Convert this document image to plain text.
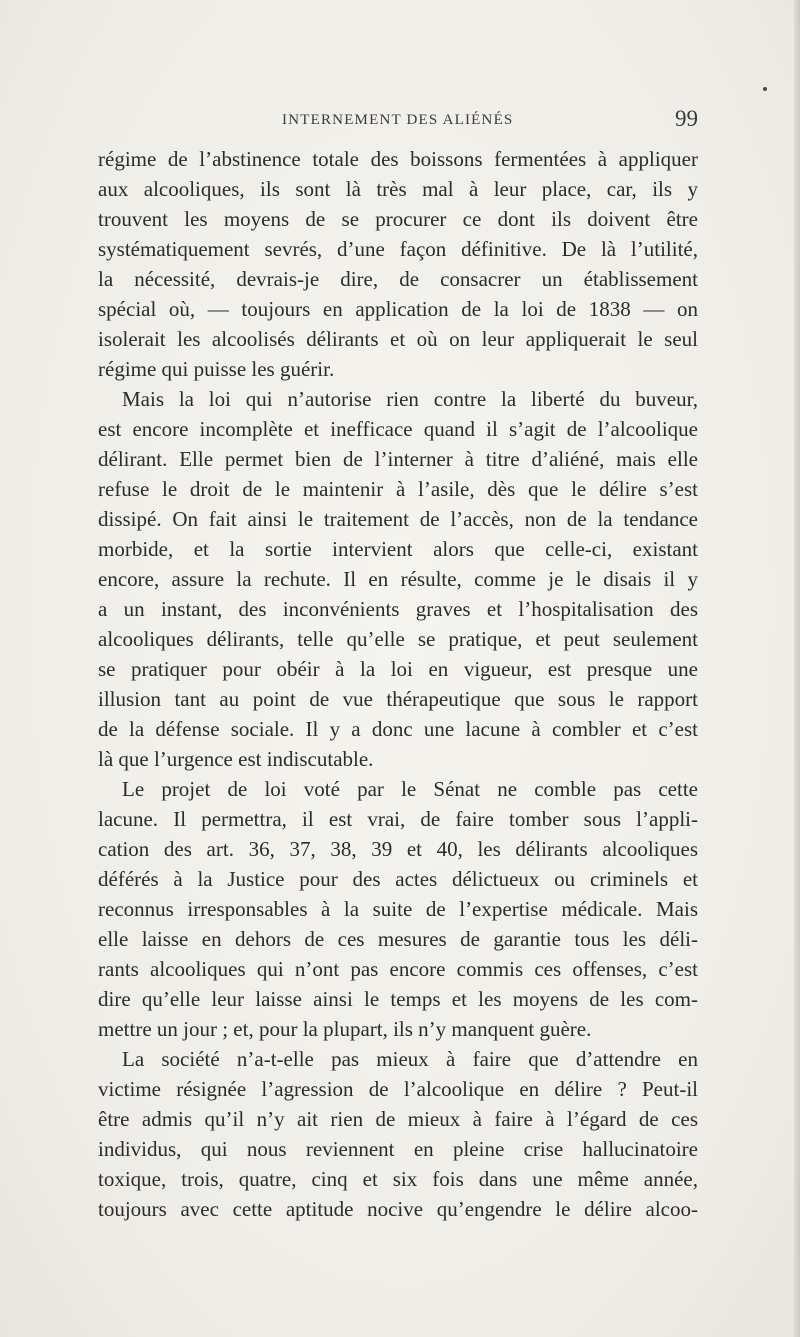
INTERNEMENT DES ALIÉNÉS	99
régime de l’abstinence totale des boissons fermentées à appliquer
aux alcooliques, ils sont là très mal à leur place, car, ils y
trouvent les moyens de se procurer ce dont ils doivent être
systématiquement sevrés, d’une façon définitive. De là l’utilité,
la nécessité, devrais-je dire, de consacrer un établissement
spécial où, — toujours en application de la loi de 1838 — on
isolerait les alcoolisés délirants et où on leur appliquerait le seul
régime qui puisse les guérir.
Mais la loi qui n’autorise rien contre la liberté du buveur,
est encore incomplète et inefficace quand il s’agit de l’alcoolique
délirant. Elle permet bien de l’interner à titre d’aliéné, mais elle
refuse le droit de le maintenir à l’asile, dès que le délire s’est
dissipé. On fait ainsi le traitement de l’accès, non de la tendance
morbide, et la sortie intervient alors que celle-ci, existant
encore, assure la rechute. Il en résulte, comme je le disais il y
a un instant, des inconvénients graves et l’hospitalisation des
alcooliques délirants, telle qu’elle se pratique, et peut seulement
se pratiquer pour obéir à la loi en vigueur, est presque une
illusion tant au point de vue thérapeutique que sous le rapport
de la défense sociale. Il y a donc une lacune à combler et c’est
là que l’urgence est indiscutable.
Le projet de loi voté par le Sénat ne comble pas cette
lacune. Il permettra, il est vrai, de faire tomber sous l’appli-
cation des art. 36, 37, 38, 39 et 40, les délirants alcooliques
déférés à la Justice pour des actes délictueux ou criminels et
reconnus irresponsables à la suite de l’expertise médicale. Mais
elle laisse en dehors de ces mesures de garantie tous les déli-
rants alcooliques qui n’ont pas encore commis ces offenses, c’est
dire qu’elle leur laisse ainsi le temps et les moyens de les com-
mettre un jour ; et, pour la plupart, ils n’y manquent guère.
La société n’a-t-elle pas mieux à faire que d’attendre en
victime résignée l’agression de l’alcoolique en délire ? Peut-il
être admis qu’il n’y ait rien de mieux à faire à l’égard de ces
individus, qui nous reviennent en pleine crise hallucinatoire
toxique, trois, quatre, cinq et six fois dans une même année,
toujours avec cette aptitude nocive qu’engendre le délire alcoo-
